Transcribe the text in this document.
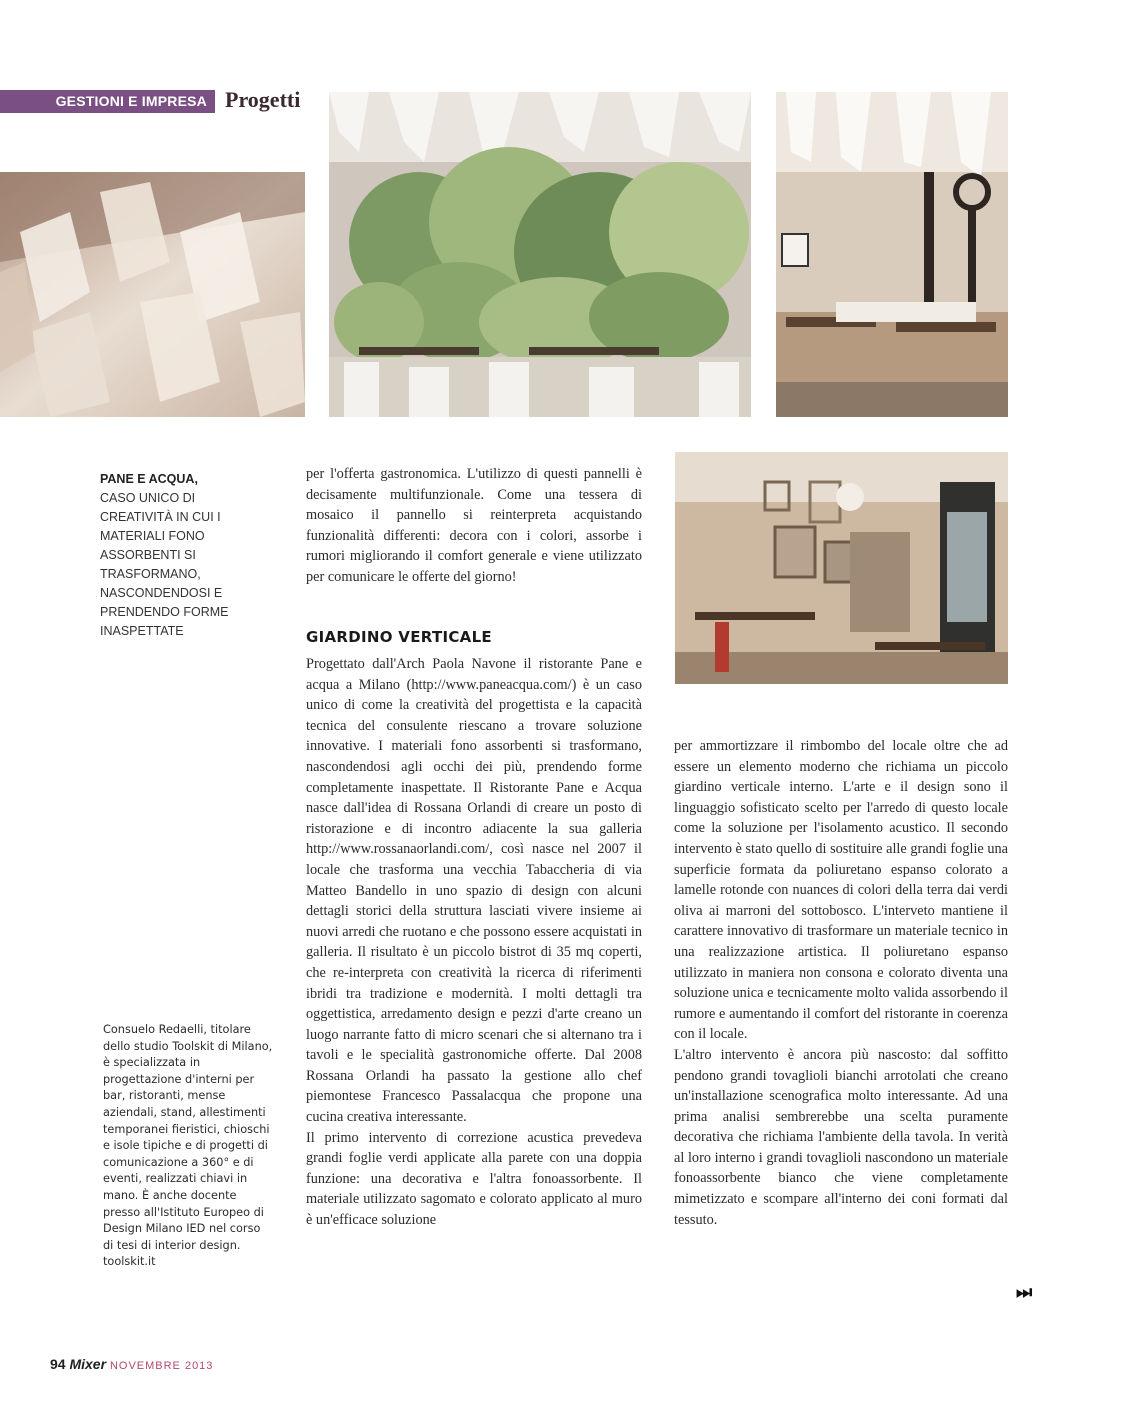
GESTIONI E IMPRESA Progetti
PANE E ACQUA,
CASO UNICO DI CREATIVITÀ IN CUI I MATERIALI FONO ASSORBENTI SI TRASFORMANO, NASCONDENDOSI E PRENDENDO FORME INASPETTATE
Consuelo Redaelli, titolare dello studio Toolskit di Milano, è specializzata in progettazione d'interni per bar, ristoranti, mense aziendali, stand, allestimenti temporanei fieristici, chioschi e isole tipiche e di progetti di comunicazione a 360° e di eventi, realizzati chiavi in mano. È anche docente presso all'Istituto Europeo di Design Milano IED nel corso di tesi di interior design. toolskit.it

per l'offerta gastronomica. L'utilizzo di questi pannelli è decisamente multifunzionale. Come una tessera di mosaico il pannello si reinterpreta acquistando funzionalità differenti: decora con i colori, assorbe i rumori migliorando il comfort generale e viene utilizzato per comunicare le offerte del giorno!

GIARDINO VERTICALE

Progettato dall'Arch Paola Navone il ristorante Pane e acqua a Milano (http://www.paneacqua.com/) è un caso unico di come la creatività del progettista e la capacità tecnica del consulente riescano a trovare soluzione innovative. I materiali fono assorbenti si trasformano, nascondendosi agli occhi dei più, prendendo forme completamente inaspettate. Il Ristorante Pane e Acqua nasce dall'idea di Rossana Orlandi di creare un posto di ristorazione e di incontro adiacente la sua galleria http://www.rossanaorlandi.com/, così nasce nel 2007 il locale che trasforma una vecchia Tabaccheria di via Matteo Bandello in uno spazio di design con alcuni dettagli storici della struttura lasciati vivere insieme ai nuovi arredi che ruotano e che possono essere acquistati in galleria. Il risultato è un piccolo bistrot di 35 mq coperti, che re-interpreta con creatività la ricerca di riferimenti ibridi tra tradizione e modernità. I molti dettagli tra oggettistica, arredamento design e pezzi d'arte creano un luogo narrante fatto di micro scenari che si alternano tra i tavoli e le specialità gastronomiche offerte. Dal 2008 Rossana Orlandi ha passato la gestione allo chef piemontese Francesco Passalacqua che propone una cucina creativa interessante.

Il primo intervento di correzione acustica prevedeva grandi foglie verdi applicate alla parete con una doppia funzione: una decorativa e l'altra fonoassorbente. Il materiale utilizzato sagomato e colorato applicato al muro è un'efficace soluzione

per ammortizzare il rimbombo del locale oltre che ad essere un elemento moderno che richiama un piccolo giardino verticale interno. L'arte e il design sono il linguaggio sofisticato scelto per l'arredo di questo locale come la soluzione per l'isolamento acustico. Il secondo intervento è stato quello di sostituire alle grandi foglie una superficie formata da poliuretano espanso colorato a lamelle rotonde con nuances di colori della terra dai verdi oliva ai marroni del sottobosco. L'interveto mantiene il carattere innovativo di trasformare un materiale tecnico in una realizzazione artistica. Il poliuretano espanso utilizzato in maniera non consona e colorato diventa una soluzione unica e tecnicamente molto valida assorbendo il rumore e aumentando il comfort del ristorante in coerenza con il locale.

L'altro intervento è ancora più nascosto: dal soffitto pendono grandi tovaglioli bianchi arrotolati che creano un'installazione scenografica molto interessante. Ad una prima analisi sembrerebbe una scelta puramente decorativa che richiama l'ambiente della tavola. In verità al loro interno i grandi tovaglioli nascondono un materiale fonoassorbente bianco che viene completamente mimetizzato e scompare all'interno dei coni formati dal tessuto.

⏭
94 Mixer NOVEMBRE 2013
